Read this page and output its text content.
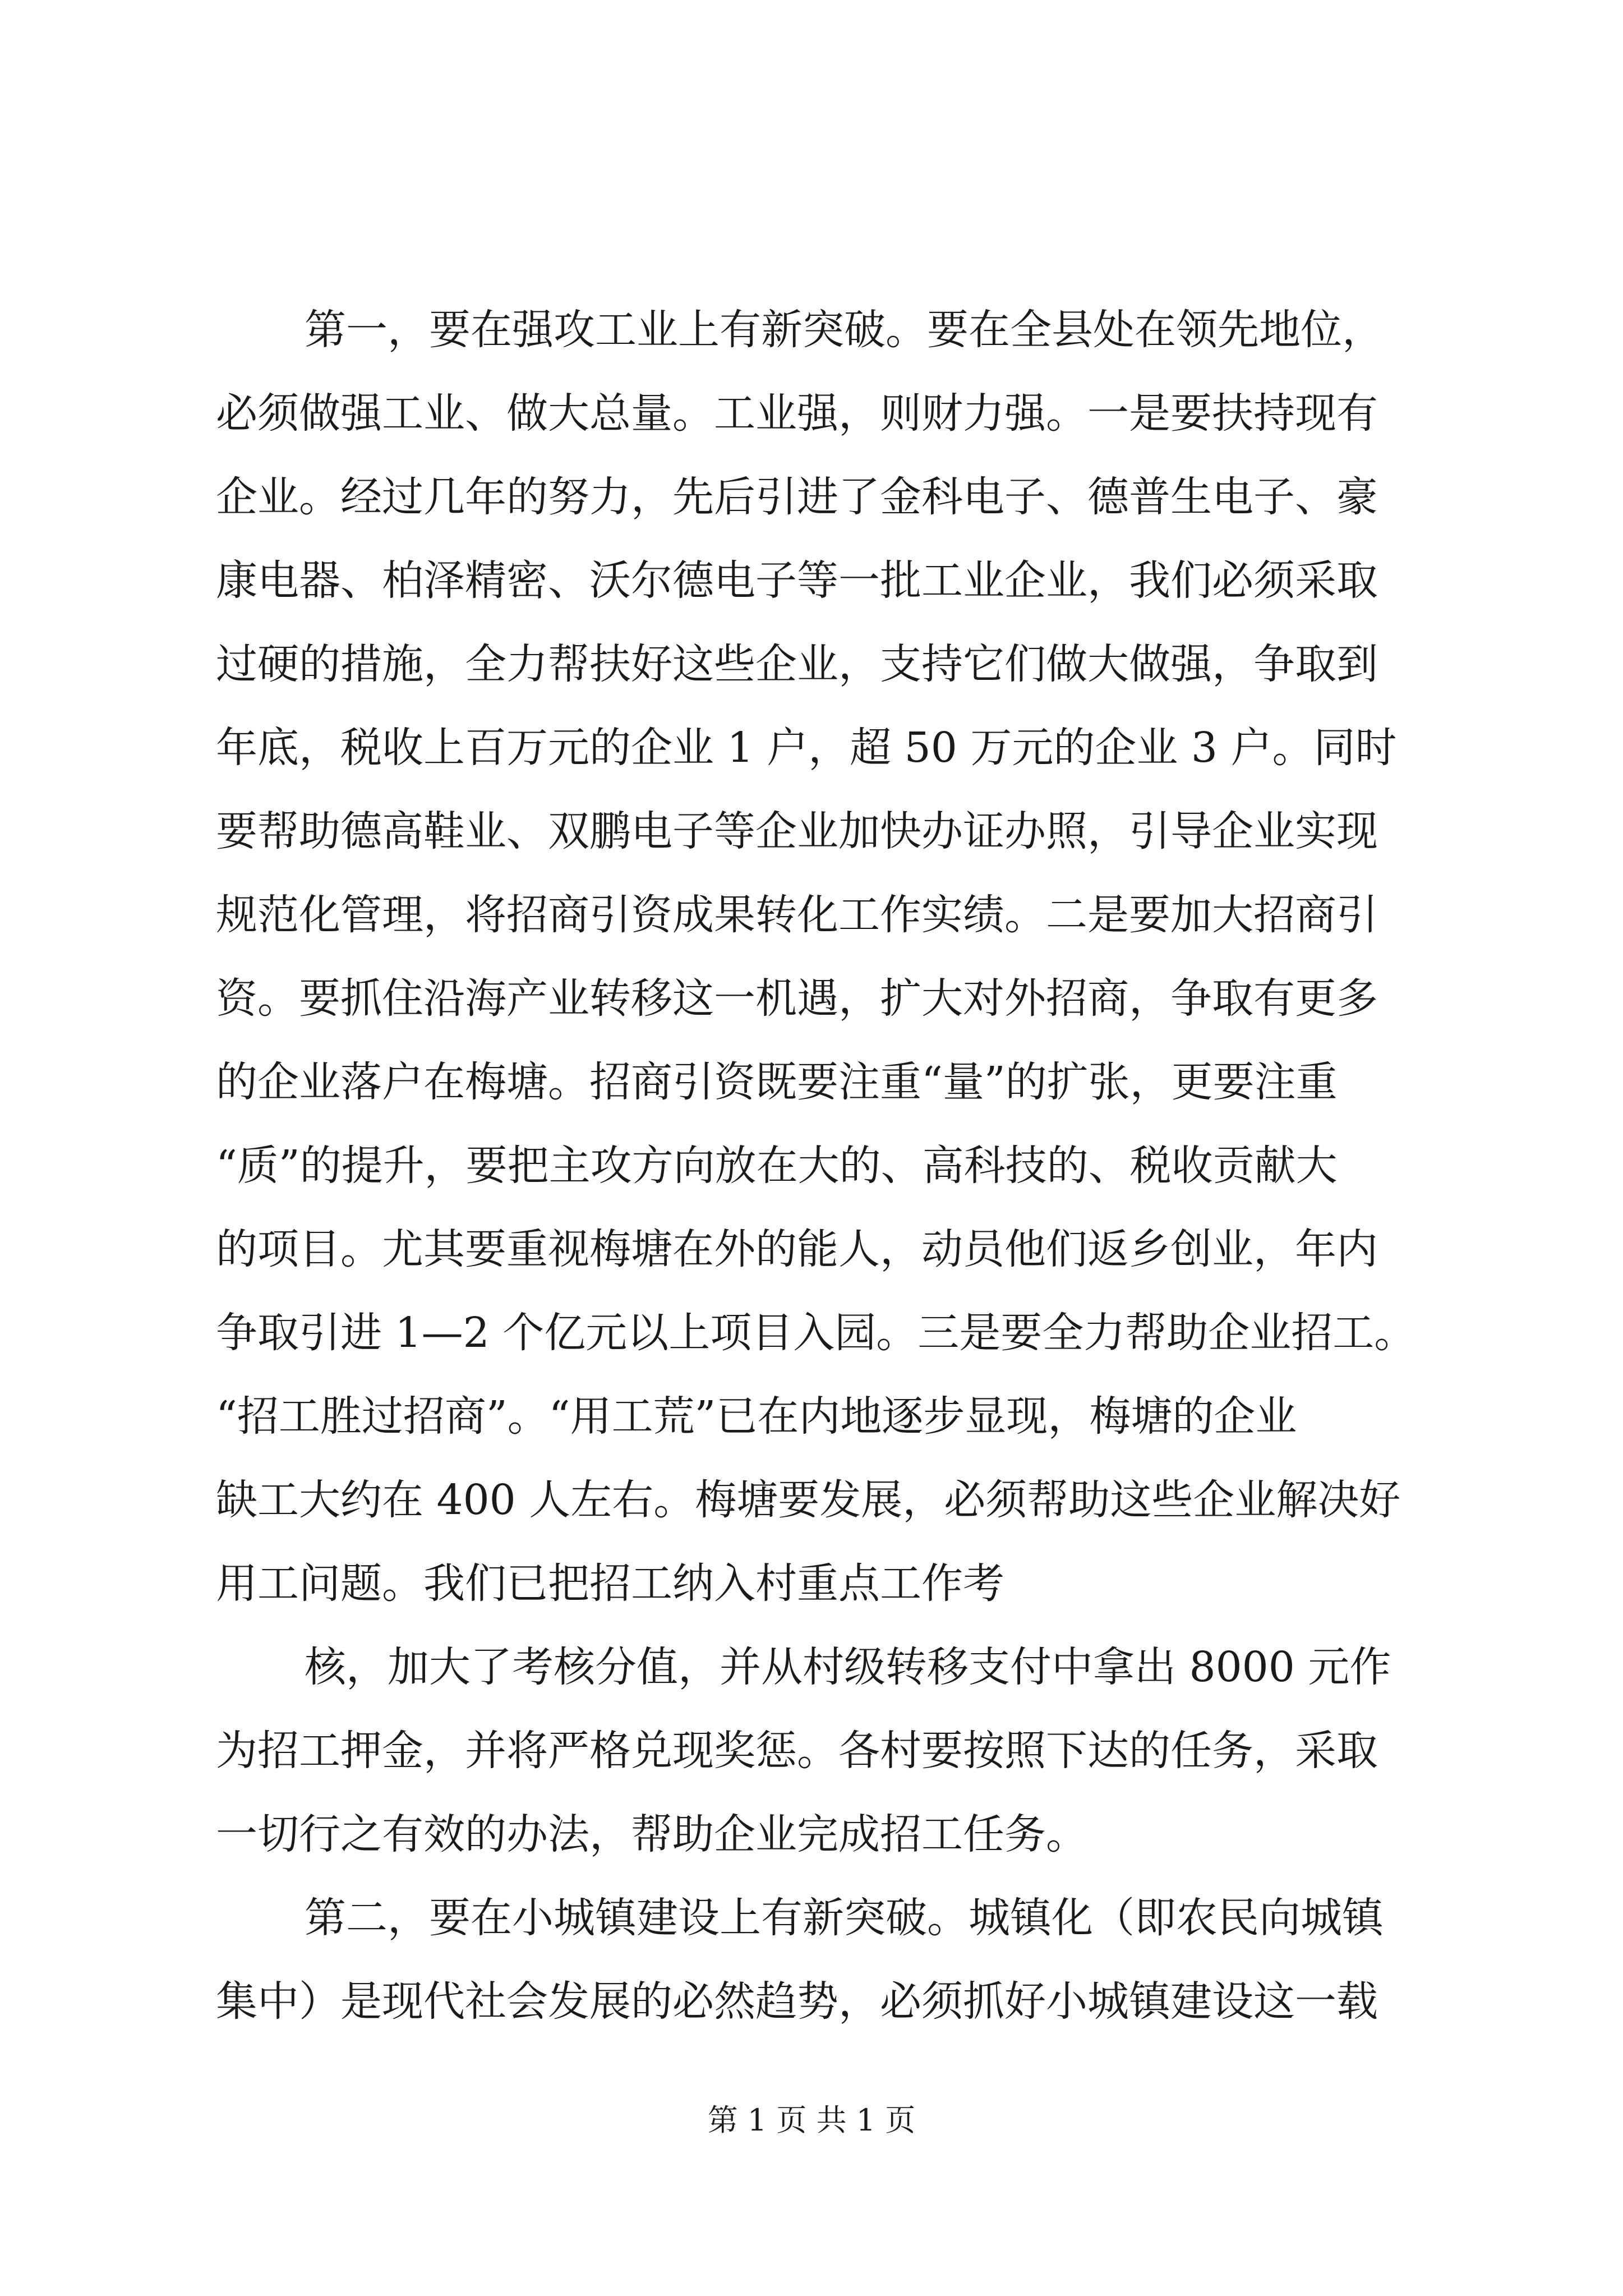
第一，要在强攻工业上有新突破。要在全县处在领先地位，
必须做强工业、做大总量。工业强，则财力强。一是要扶持现有
企业。经过几年的努力，先后引进了金科电子、德普生电子、豪
康电器、柏泽精密、沃尔德电子等一批工业企业，我们必须采取
过硬的措施，全力帮扶好这些企业，支持它们做大做强，争取到
年底，税收上百万元的企业 1 户，超 50 万元的企业 3 户。同时
要帮助德高鞋业、双鹏电子等企业加快办证办照，引导企业实现
规范化管理，将招商引资成果转化工作实绩。二是要加大招商引
资。要抓住沿海产业转移这一机遇，扩大对外招商，争取有更多
的企业落户在梅塘。招商引资既要注重“量”的扩张，更要注重
“质”的提升，要把主攻方向放在大的、高科技的、税收贡献大
的项目。尤其要重视梅塘在外的能人，动员他们返乡创业，年内
争取引进 1—2 个亿元以上项目入园。三是要全力帮助企业招工。
“招工胜过招商”。“用工荒”已在内地逐步显现，梅塘的企业
缺工大约在 400 人左右。梅塘要发展，必须帮助这些企业解决好
用工问题。我们已把招工纳入村重点工作考
核，加大了考核分值，并从村级转移支付中拿出 8000 元作
为招工押金，并将严格兑现奖惩。各村要按照下达的任务，采取
一切行之有效的办法，帮助企业完成招工任务。
第二，要在小城镇建设上有新突破。城镇化（即农民向城镇
集中）是现代社会发展的必然趋势，必须抓好小城镇建设这一载
第 1 页 共 1 页
